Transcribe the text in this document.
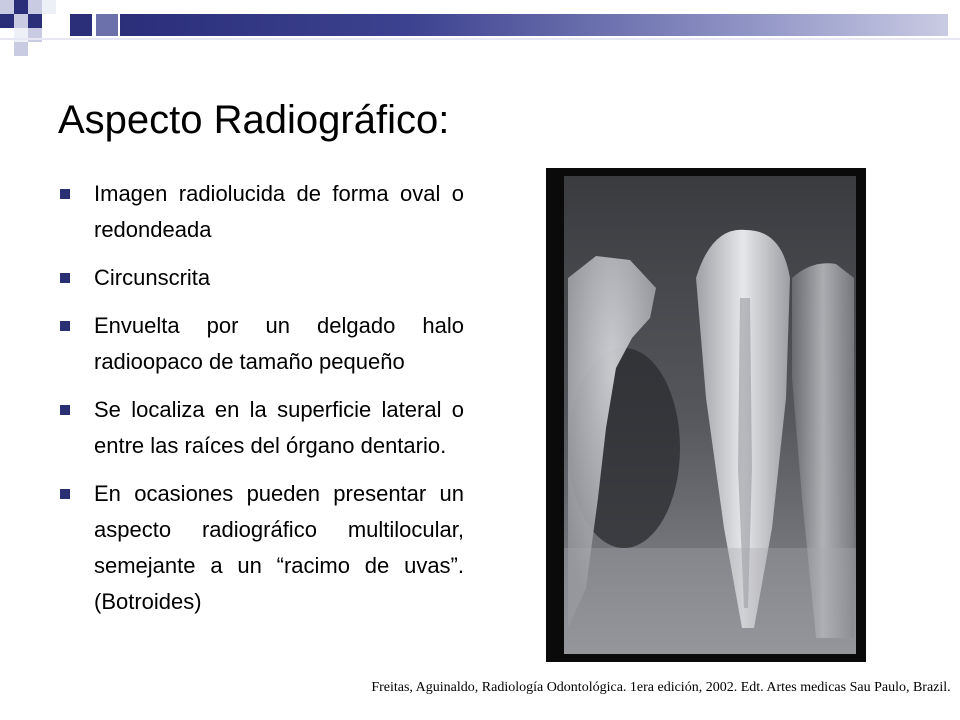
Aspecto Radiográfico:
Imagen radiolucida de forma oval o redondeada
Circunscrita
Envuelta por un delgado halo radioopaco de tamaño pequeño
Se localiza en la superficie lateral o entre las raíces del órgano dentario.
En ocasiones pueden presentar un aspecto radiográfico multilocular, semejante a un “racimo de uvas”. (Botroides)
Freitas, Aguinaldo, Radiología Odontológica. 1era edición, 2002. Edt. Artes medicas Sau Paulo, Brazil.
